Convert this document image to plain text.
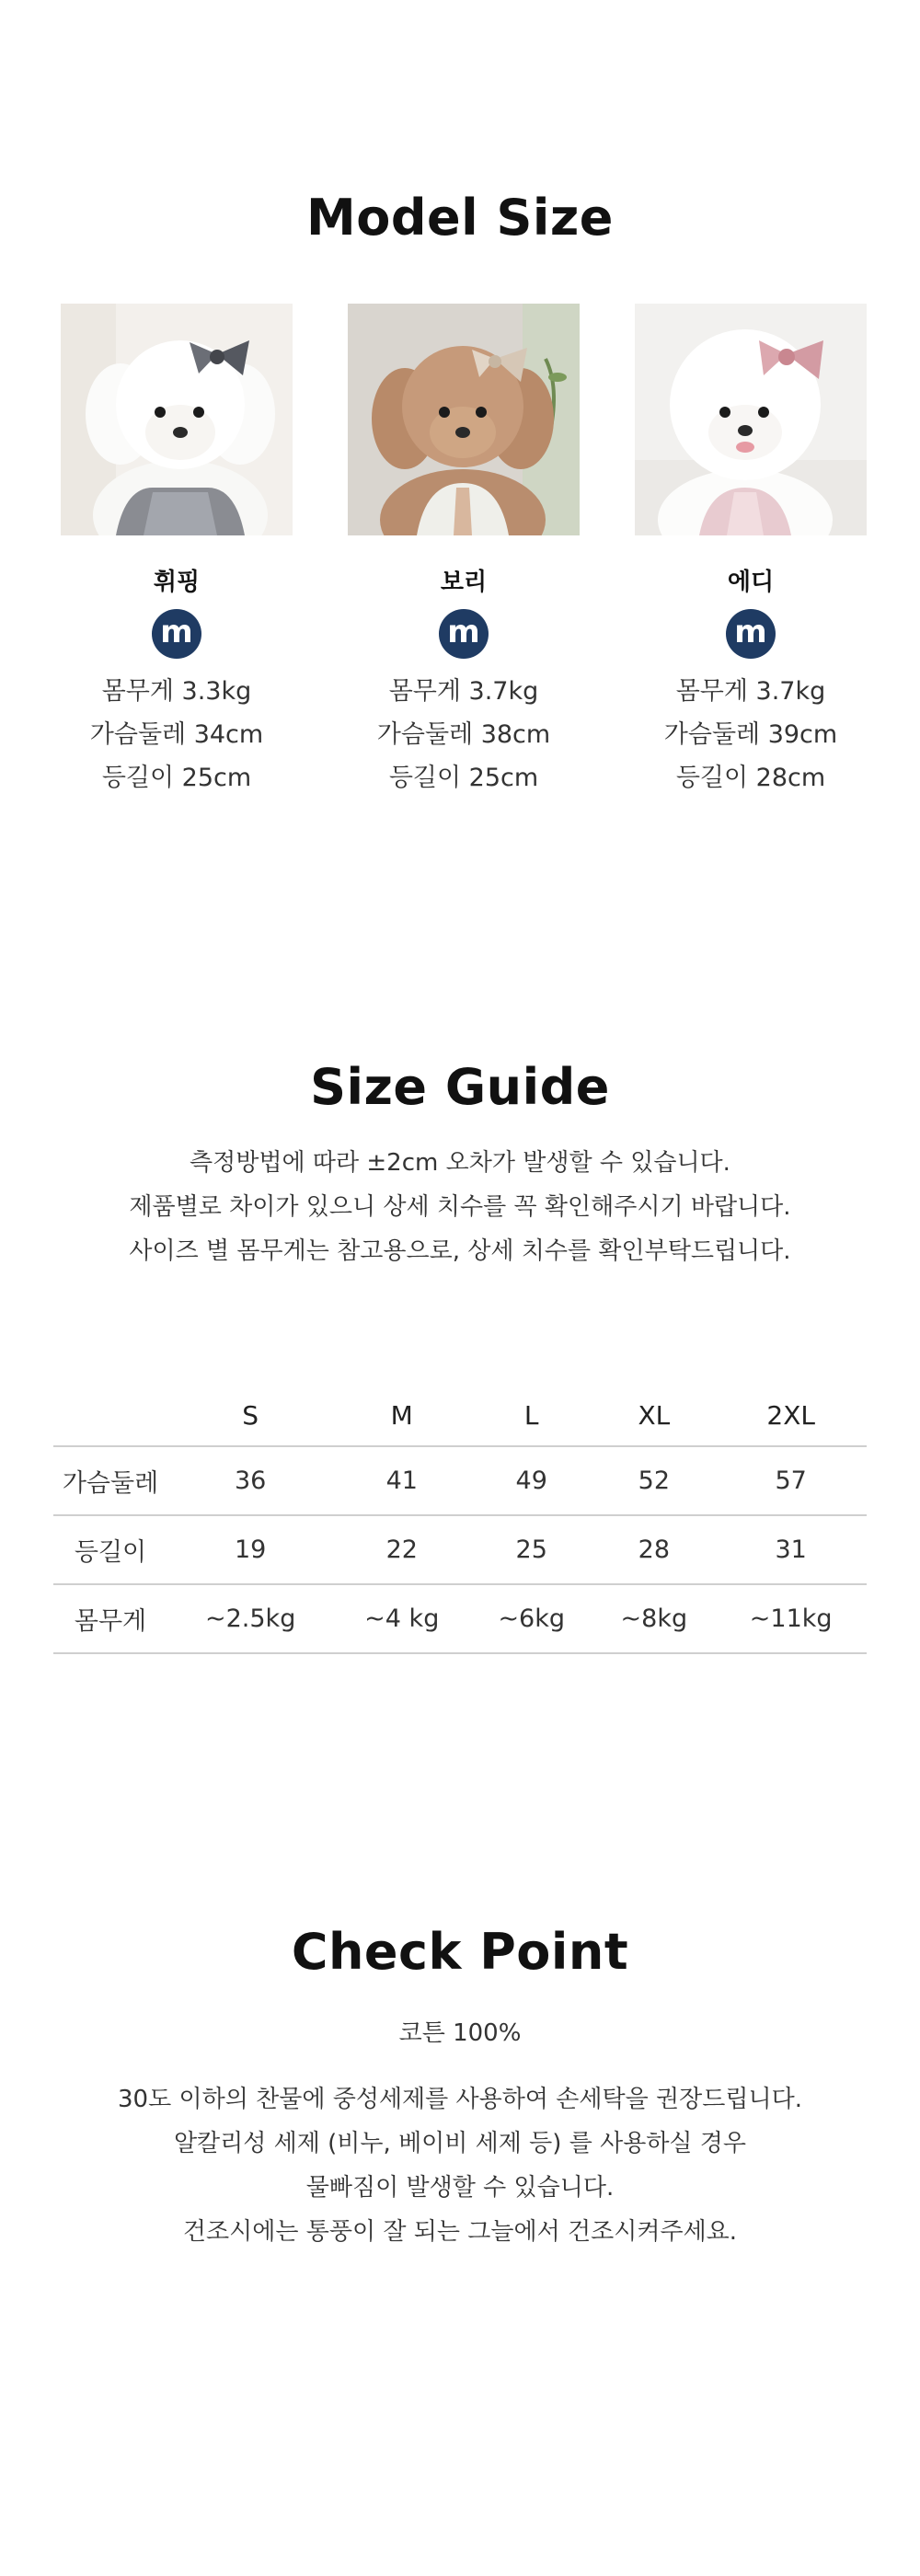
Model Size
휘핑
m
몸무게 3.3kg
가슴둘레 34cm
등길이 25cm
보리
m
몸무게 3.7kg
가슴둘레 38cm
등길이 25cm
에디
m
몸무게 3.7kg
가슴둘레 39cm
등길이 28cm
Size Guide
측정방법에 따라 ±2cm 오차가 발생할 수 있습니다.
제품별로 차이가 있으니 상세 치수를 꼭 확인해주시기 바랍니다.
사이즈 별 몸무게는 참고용으로, 상세 치수를 확인부탁드립니다.
	S	M	L	XL	2XL
가슴둘레	36	41	49	52	57
등길이	19	22	25	28	31
몸무게	~2.5kg	~4 kg	~6kg	~8kg	~11kg
Check Point
코튼 100%
30도 이하의 찬물에 중성세제를 사용하여 손세탁을 권장드립니다.
알칼리성 세제 (비누, 베이비 세제 등) 를 사용하실 경우
물빠짐이 발생할 수 있습니다.
건조시에는 통풍이 잘 되는 그늘에서 건조시켜주세요.
